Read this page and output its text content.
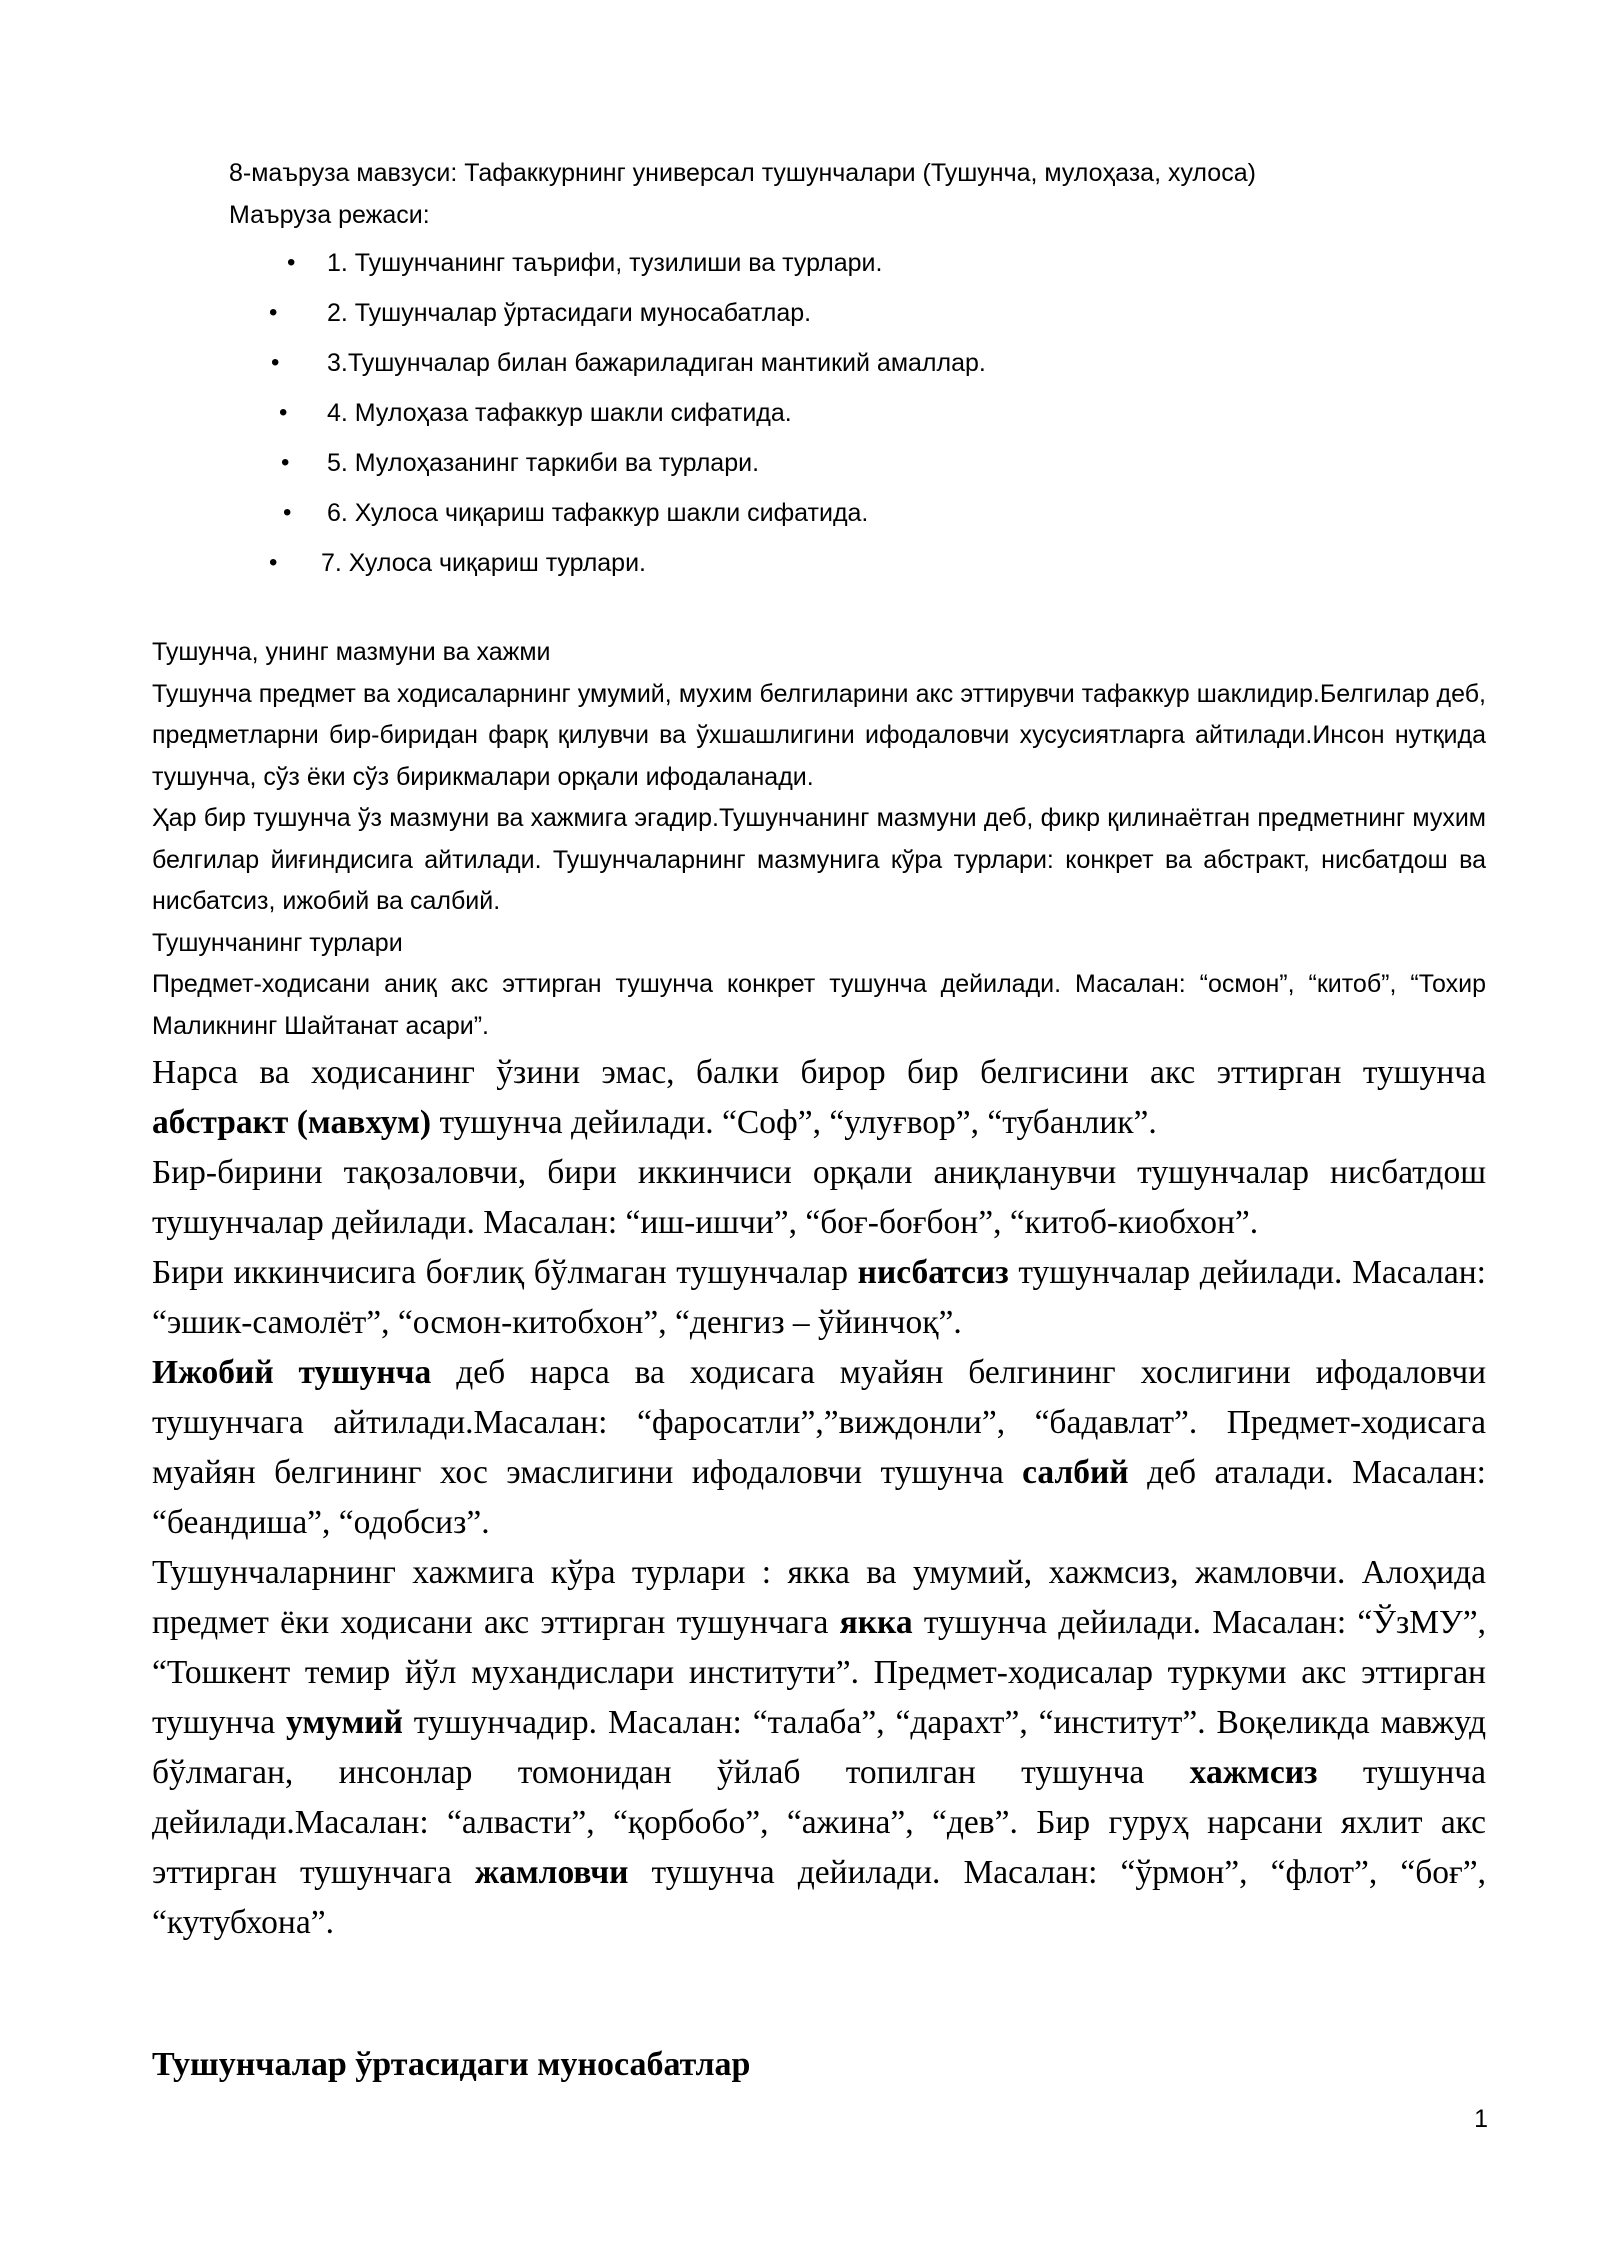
8-маъруза мавзуси: Тафаккурнинг универсал тушунчалари (Тушунча, мулоҳаза, хулоса)

Маъруза режаси:

• 1. Тушунчанинг таърифи, тузилиши ва турлари.
• 2. Тушунчалар ўртасидаги муносабатлар.
• 3.Тушунчалар билан бажариладиган мантикий амаллар.
• 4. Мулоҳаза тафаккур шакли сифатида.
• 5. Мулоҳазанинг таркиби ва турлари.
• 6. Хулоса чиқариш тафаккур шакли сифатида.
• 7. Хулоса чиқариш турлари.

Тушунча, унинг мазмуни ва хажми

Тушунча предмет ва ходисаларнинг умумий, мухим белгиларини акс эттирувчи тафаккур шаклидир.Белгилар деб, предметларни бир-биридан фарқ қилувчи ва ўхшашлигини ифодаловчи хусусиятларга айтилади.Инсон нутқида тушунча, сўз ёки сўз бирикмалари орқали ифодаланади.

Ҳар бир тушунча ўз мазмуни ва хажмига эгадир.Тушунчанинг мазмуни деб, фикр қилинаётган предметнинг мухим белгилар йиғиндисига айтилади. Тушунчаларнинг мазмунига кўра турлари: конкрет ва абстракт, нисбатдош ва нисбатсиз, ижобий ва салбий.

Тушунчанинг турлари

Предмет-ходисани аниқ акс эттирган тушунча конкрет тушунча дейилади. Масалан: “осмон”, “китоб”, “Тохир Маликнинг Шайтанат асари”.

Нарса ва ходисанинг ўзини эмас, балки бирор бир белгисини акс эттирган тушунча абстракт (мавхум) тушунча дейилади. “Соф”, “улуғвор”, “тубанлик”.

Бир-бирини тақозаловчи, бири иккинчиси орқали аниқланувчи тушунчалар нисбатдош тушунчалар дейилади. Масалан: “иш-ишчи”, “боғ-боғбон”, “китоб-киобхон”.

Бири иккинчисига боғлиқ бўлмаган тушунчалар нисбатсиз тушунчалар дейилади. Масалан: “эшик-самолёт”, “осмон-китобхон”, “денгиз – ўйинчоқ”.

Ижобий тушунча деб нарса ва ходисага муайян белгининг хослигини ифодаловчи тушунчага айтилади.Масалан: “фаросатли”,”виждонли”, “бадавлат”. Предмет-ходисага муайян белгининг хос эмаслигини ифодаловчи тушунча салбий деб аталади. Масалан: “беандиша”, “одобсиз”.

Тушунчаларнинг хажмига кўра турлари : якка ва умумий, хажмсиз, жамловчи. Алоҳида предмет ёки ходисани акс эттирган тушунчага якка тушунча дейилади. Масалан: “ЎзМУ”, “Тошкент темир йўл мухандислари институти”. Предмет-ходисалар туркуми акс эттирган тушунча умумий тушунчадир. Масалан: “талаба”, “дарахт”, “институт”. Воқеликда мавжуд бўлмаган, инсонлар томонидан ўйлаб топилган тушунча хажмсиз тушунча дейилади.Масалан: “алвасти”, “қорбобо”, “ажина”, “дев”. Бир гуруҳ нарсани яхлит акс эттирган тушунчага жамловчи тушунча дейилади. Масалан: “ўрмон”, “флот”, “боғ”, “кутубхона”.

Тушунчалар ўртасидаги муносабатлар
1
